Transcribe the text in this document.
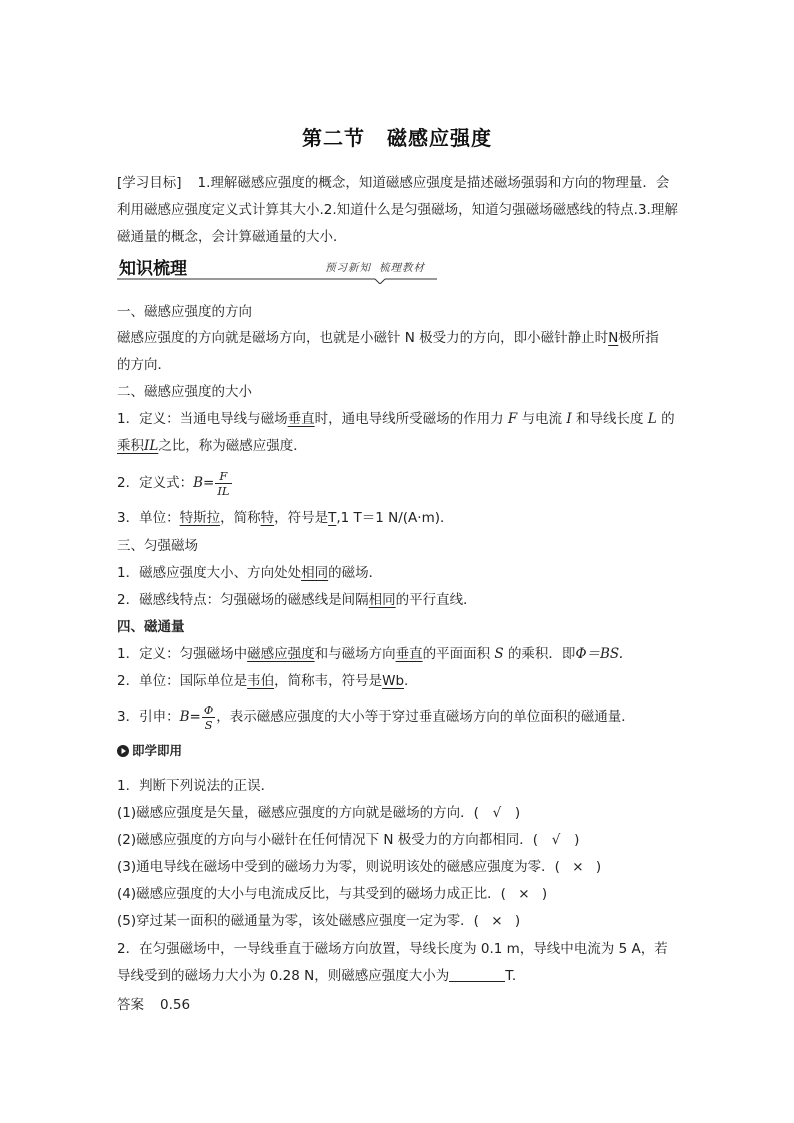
第二节 磁感应强度
[学习目标] 1.理解磁感应强度的概念，知道磁感应强度是描述磁场强弱和方向的物理量．会利用磁感应强度定义式计算其大小.2.知道什么是匀强磁场，知道匀强磁场磁感线的特点.3.理解磁通量的概念，会计算磁通量的大小．
知识梳理	预习新知 梳理教材
一、磁感应强度的方向
磁感应强度的方向就是磁场方向，也就是小磁针 N 极受力的方向，即小磁针静止时N极所指
的方向．
二、磁感应强度的大小
1．定义：当通电导线与磁场垂直时，通电导线所受磁场的作用力 F 与电流 I 和导线长度 L 的
乘积IL之比，称为磁感应强度．
2．定义式：$B= \frac{F}{IL}$
3．单位：特斯拉，简称特，符号是T,1 T＝1 N/(A·m)．
三、匀强磁场
1．磁感应强度大小、方向处处相同的磁场．
2．磁感线特点：匀强磁场的磁感线是间隔相同的平行直线．
四、磁通量
1．定义：匀强磁场中磁感应强度和与磁场方向垂直的平面面积 S 的乘积．即Φ＝BS.
2．单位：国际单位是韦伯，简称韦，符号是Wb.
3．引申：$B= \frac{\Phi}{S}$ ，表示磁感应强度的大小等于穿过垂直磁场方向的单位面积的磁通量．
即学即用
1．判断下列说法的正误．
(1)磁感应强度是矢量，磁感应强度的方向就是磁场的方向．( √ )
(2)磁感应强度的方向与小磁针在任何情况下 N 极受力的方向都相同．( √ )
(3)通电导线在磁场中受到的磁场力为零，则说明该处的磁感应强度为零．( × )
(4)磁感应强度的大小与电流成反比，与其受到的磁场力成正比．( × )
(5)穿过某一面积的磁通量为零，该处磁感应强度一定为零．( × )
2．在匀强磁场中，一导线垂直于磁场方向放置，导线长度为 0.1 m，导线中电流为 5 A，若
导线受到的磁场力大小为 0.28 N，则磁感应强度大小为	T.
答案 0.56
